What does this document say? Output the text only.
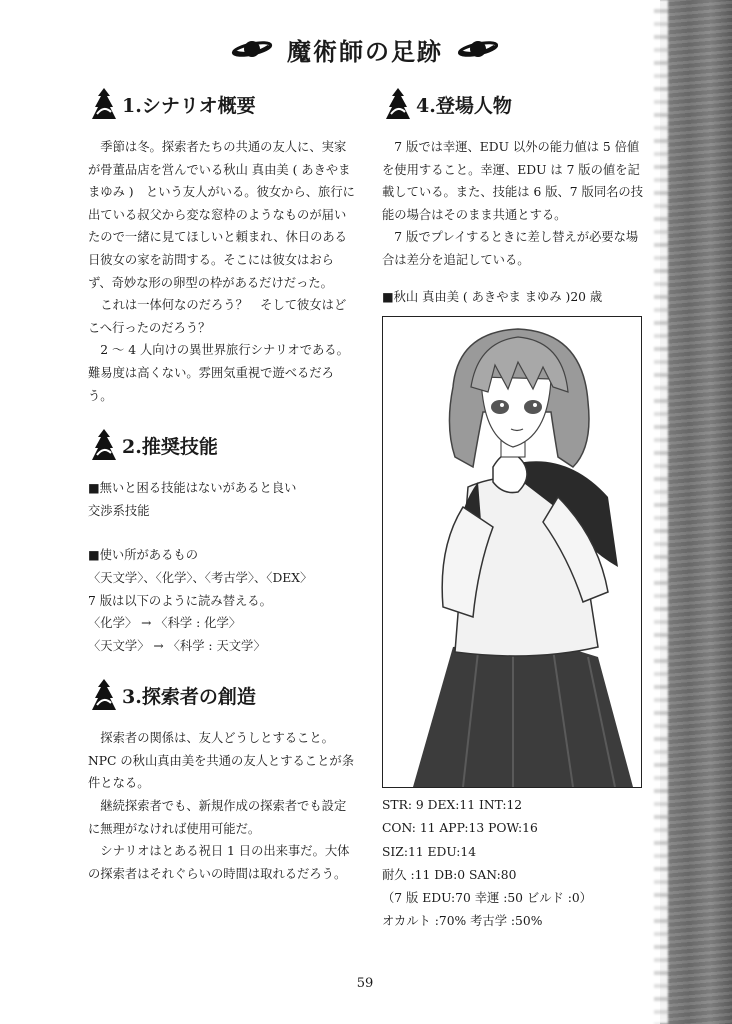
魔術師の足跡
1.シナリオ概要

季節は冬。探索者たちの共通の友人に、実家が骨董品店を営んでいる秋山 真由美 ( あきやま まゆみ )　という友人がいる。彼女から、旅行に出ている叔父から変な窓枠のようなものが届いたので一緒に見てほしいと頼まれ、休日のある日彼女の家を訪問する。そこには彼女はおらず、奇妙な形の卵型の枠があるだけだった。

これは一体何なのだろう？　そして彼女はどこへ行ったのだろう？

2 ～ 4 人向けの異世界旅行シナリオである。難易度は高くない。雰囲気重視で遊べるだろう。

2.推奨技能

■無いと困る技能はないがあると良い

交渉系技能

■使い所があるもの

〈天文学〉、〈化学〉、〈考古学〉、〈DEX〉

7 版は以下のように読み替える。

〈化学〉 → 〈科学 : 化学〉

〈天文学〉 → 〈科学 : 天文学〉

3.探索者の創造

探索者の関係は、友人どうしとすること。NPC の秋山真由美を共通の友人とすることが条件となる。

継続探索者でも、新規作成の探索者でも設定に無理がなければ使用可能だ。

シナリオはとある祝日 1 日の出来事だ。大体の探索者はそれぐらいの時間は取れるだろう。

4.登場人物

7 版では幸運、EDU 以外の能力値は 5 倍値を使用すること。幸運、EDU は 7 版の値を記載している。また、技能は 6 版、7 版同名の技能の場合はそのまま共通とする。

7 版でプレイするときに差し替えが必要な場合は差分を追記している。

■秋山 真由美 ( あきやま まゆみ )20 歳

STR: 9 DEX:11 INT:12

CON: 11 APP:13 POW:16

SIZ:11 EDU:14

耐久 :11 DB:0 SAN:80

（7 版 EDU:70 幸運 :50 ビルド :0）

オカルト :70% 考古学 :50%

59
